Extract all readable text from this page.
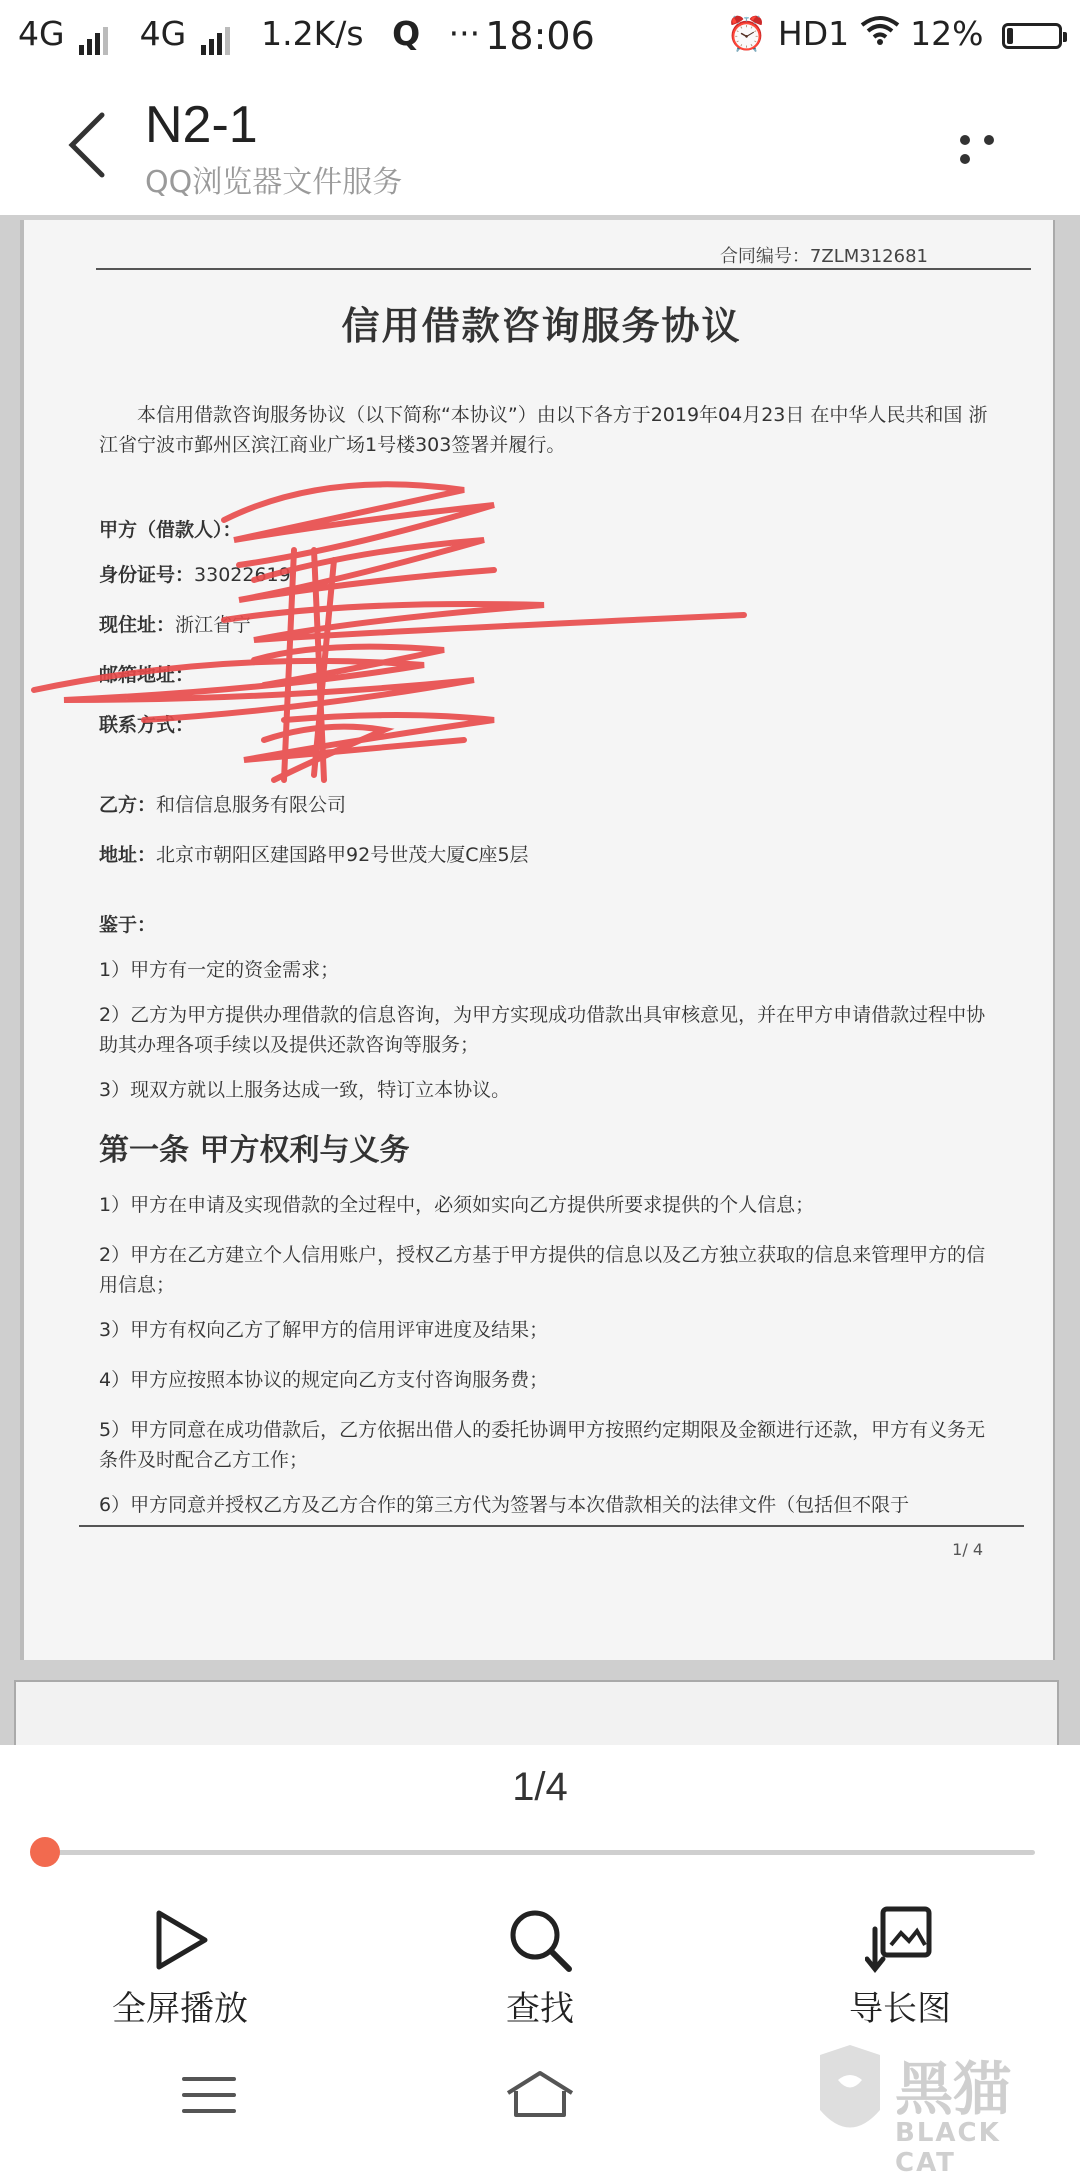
4G 4G 1.2K/s Q ··· 18:06	⏰ HD1 12%
N2-1
QQ浏览器文件服务
合同编号：7ZLM312681
信用借款咨询服务协议
本信用借款咨询服务协议（以下简称“本协议”）由以下各方于2019年04月23日 在中华人民共和国 浙江省宁波市鄞州区滨江商业广场1号楼303签署并履行。
甲方（借款人）：
身份证号：33022619
现住址：浙江省宁
邮箱地址：
联系方式：
乙方：和信信息服务有限公司
地址：北京市朝阳区建国路甲92号世茂大厦C座5层
鉴于：
1）甲方有一定的资金需求；
2）乙方为甲方提供办理借款的信息咨询，为甲方实现成功借款出具审核意见，并在甲方申请借款过程中协助其办理各项手续以及提供还款咨询等服务；
3）现双方就以上服务达成一致，特订立本协议。
第一条 甲方权利与义务
1）甲方在申请及实现借款的全过程中，必须如实向乙方提供所要求提供的个人信息；
2）甲方在乙方建立个人信用账户，授权乙方基于甲方提供的信息以及乙方独立获取的信息来管理甲方的信用信息；
3）甲方有权向乙方了解甲方的信用评审进度及结果；
4）甲方应按照本协议的规定向乙方支付咨询服务费；
5）甲方同意在成功借款后，乙方依据出借人的委托协调甲方按照约定期限及金额进行还款，甲方有义务无条件及时配合乙方工作；
6）甲方同意并授权乙方及乙方合作的第三方代为签署与本次借款相关的法律文件（包括但不限于
1/ 4
1/4
全屏播放	查找	导长图
黑猫
BLACK CAT
